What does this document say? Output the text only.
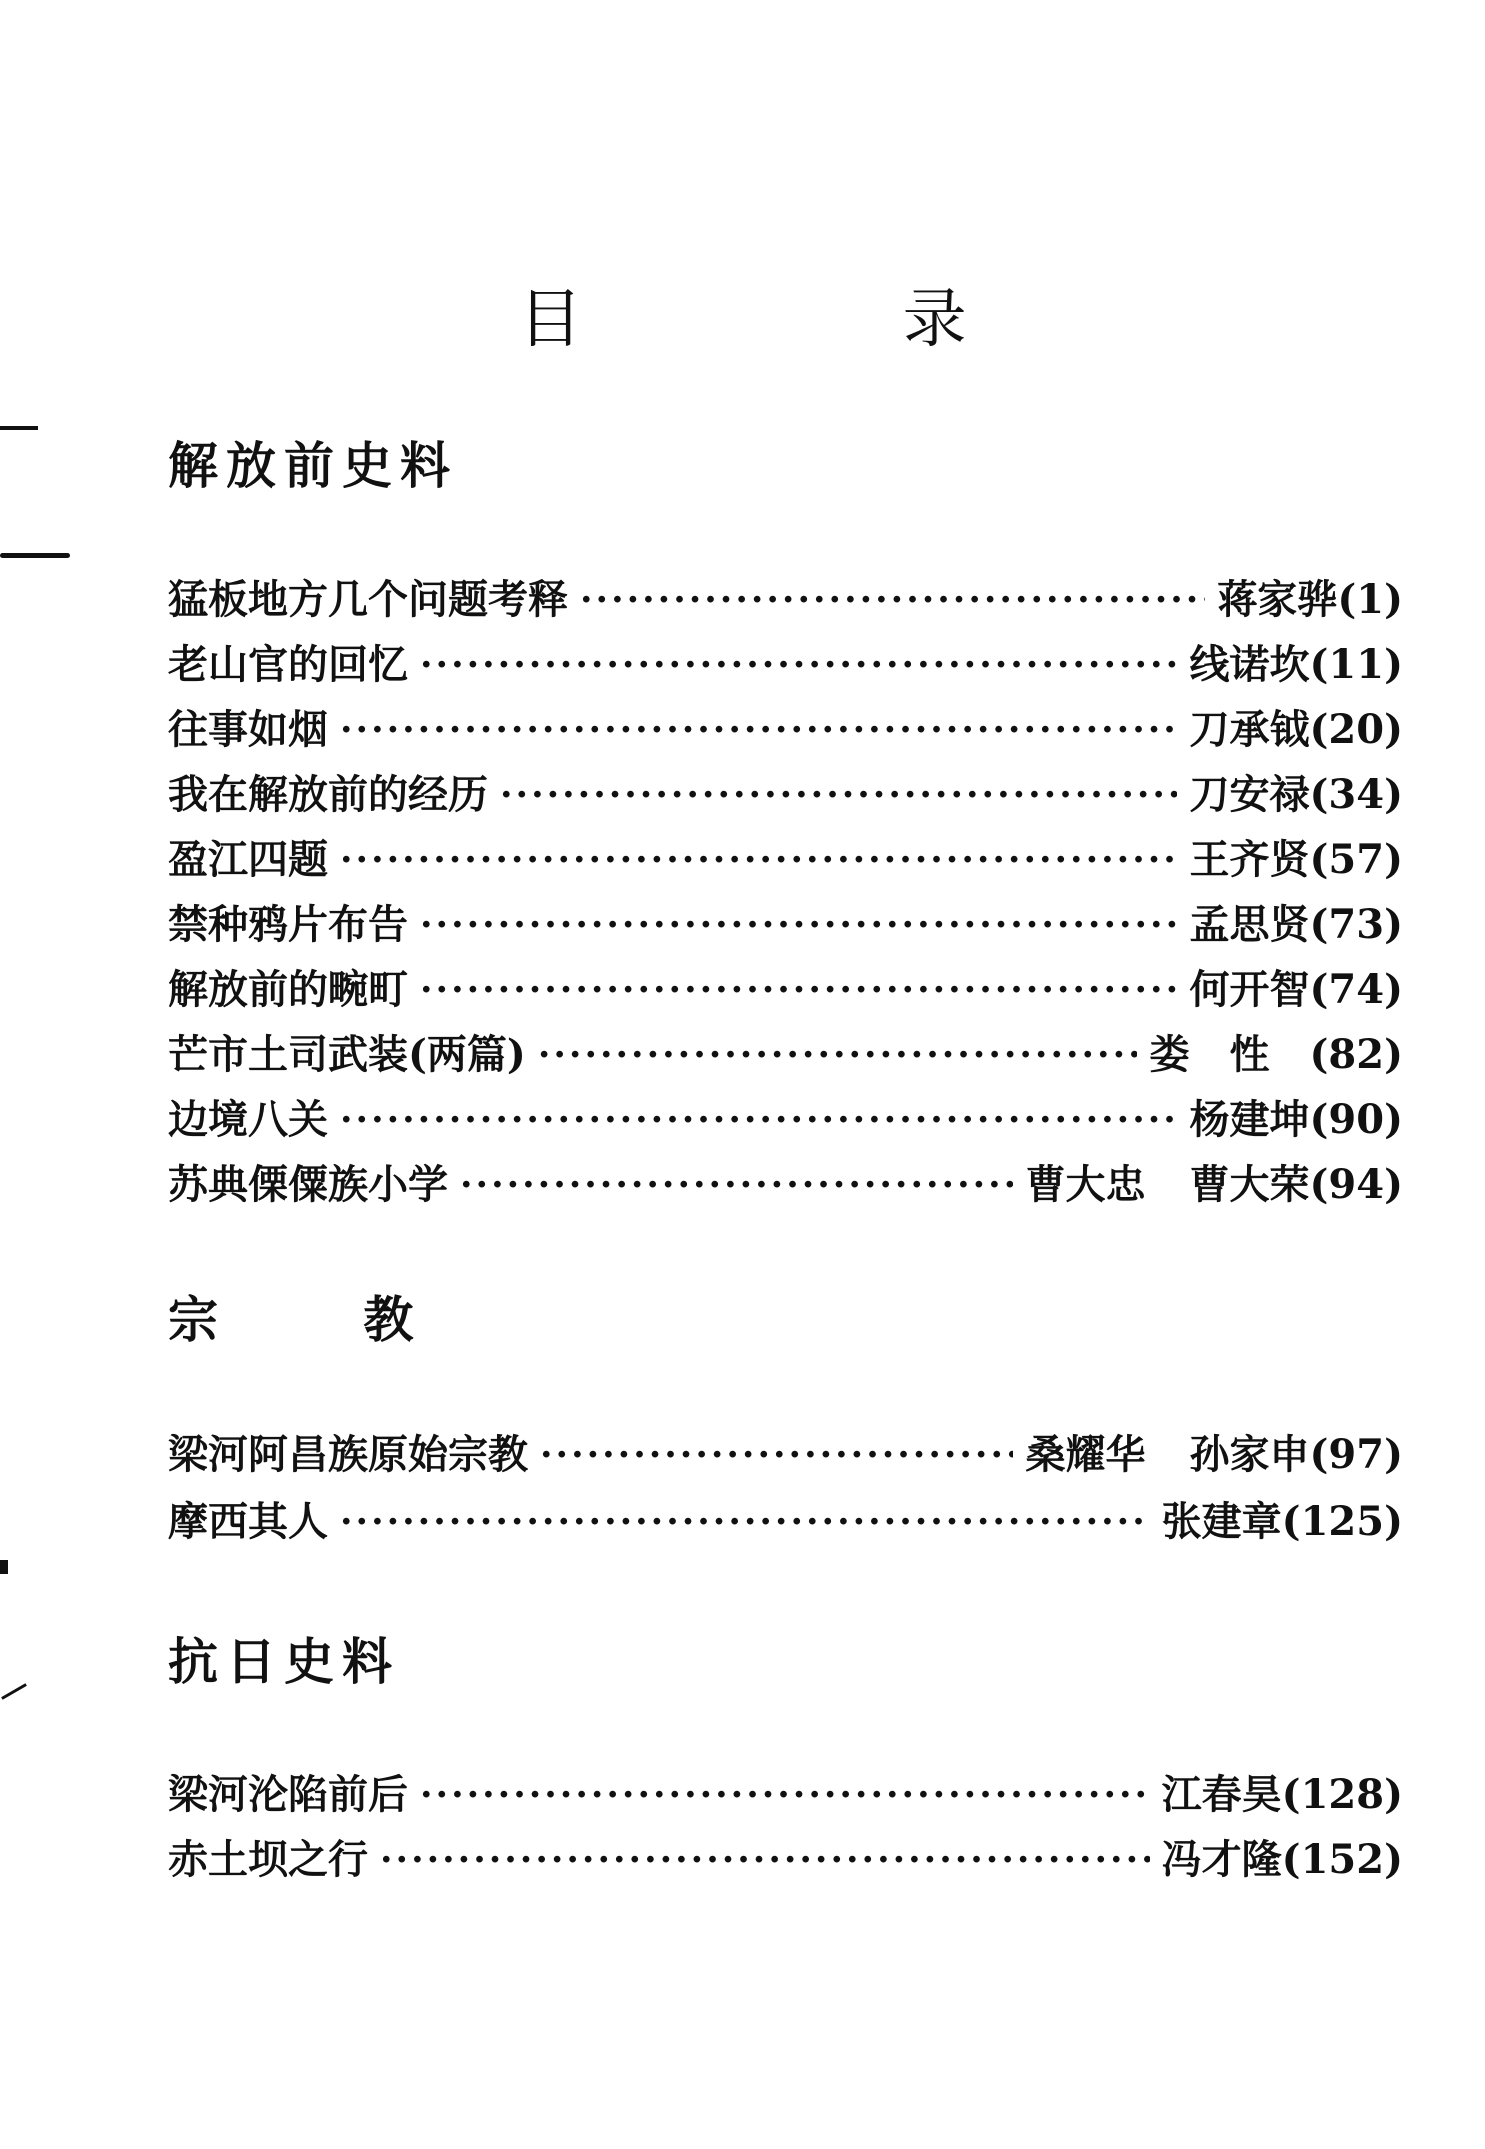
目 录
解放前史料
猛板地方几个问题考释 ·····	蒋家骅 (1)
老山官的回忆 ·····	线诺坎 (11)
往事如烟 ·····	刀承钺 (20)
我在解放前的经历 ·····	刀安禄 (34)
盈江四题 ·····	王齐贤 (57)
禁种鸦片布告 ·····	孟思贤 (73)
解放前的畹町 ·····	何开智 (74)
芒市土司武装(两篇) ·····	娄性 (82)
边境八关 ·····	杨建坤 (90)
苏典傈僳族小学 ·····	曹大忠 曹大荣 (94)
宗 教
梁河阿昌族原始宗教 ·····	桑耀华 孙家申 (97)
摩西其人 ·····	张建章 (125)
抗日史料
梁河沦陷前后 ·····	江春昊 (128)
赤土坝之行 ·····	冯才隆 (152)
